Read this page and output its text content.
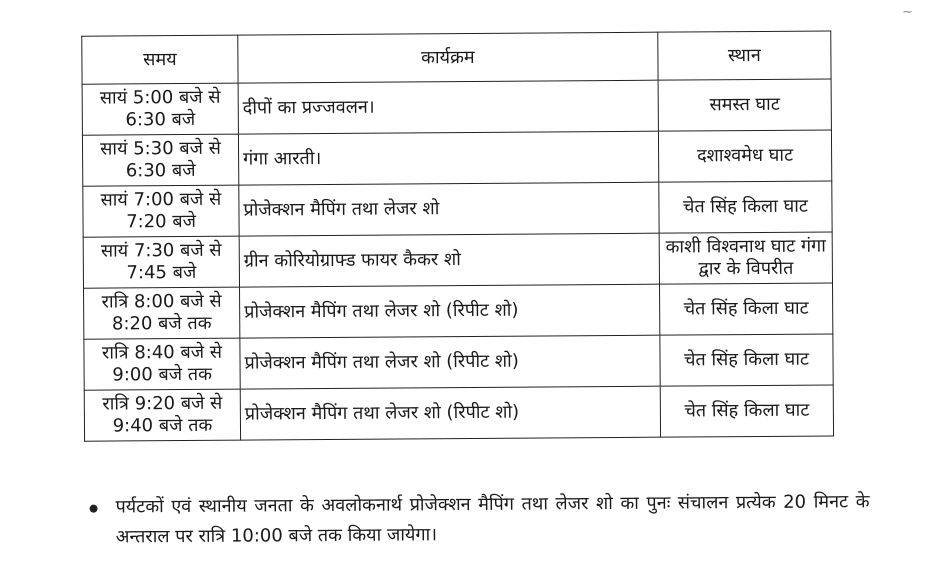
~
समय	कार्यक्रम	स्थान

सायं 5:00 बजे से
6:30 बजे	दीपों का प्रज्जवलन।	समस्त घाट

सायं 5:30 बजे से
6:30 बजे	गंगा आरती।	दशाश्वमेध घाट

सायं 7:00 बजे से
7:20 बजे	प्रोजेक्शन मैपिंग तथा लेजर शो	चेत सिंह किला घाट

सायं 7:30 बजे से
7:45 बजे	ग्रीन कोरियोग्राफ्ड फायर कैकर शो	काशी विश्वनाथ घाट गंगा द्वार के विपरीत

रात्रि 8:00 बजे से
8:20 बजे तक	प्रोजेक्शन मैपिंग तथा लेजर शो (रिपीट शो)	चेत सिंह किला घाट

रात्रि 8:40 बजे से
9:00 बजे तक	प्रोजेक्शन मैपिंग तथा लेजर शो (रिपीट शो)	चेत सिंह किला घाट

रात्रि 9:20 बजे से
9:40 बजे तक	प्रोजेक्शन मैपिंग तथा लेजर शो (रिपीट शो)	चेत सिंह किला घाट
पर्यटकों एवं स्थानीय जनता के अवलोकनार्थ प्रोजेक्शन मैपिंग तथा लेजर शो का पुनः संचालन प्रत्येक 20 मिनट के अन्तराल पर रात्रि 10:00 बजे तक किया जायेगा।
